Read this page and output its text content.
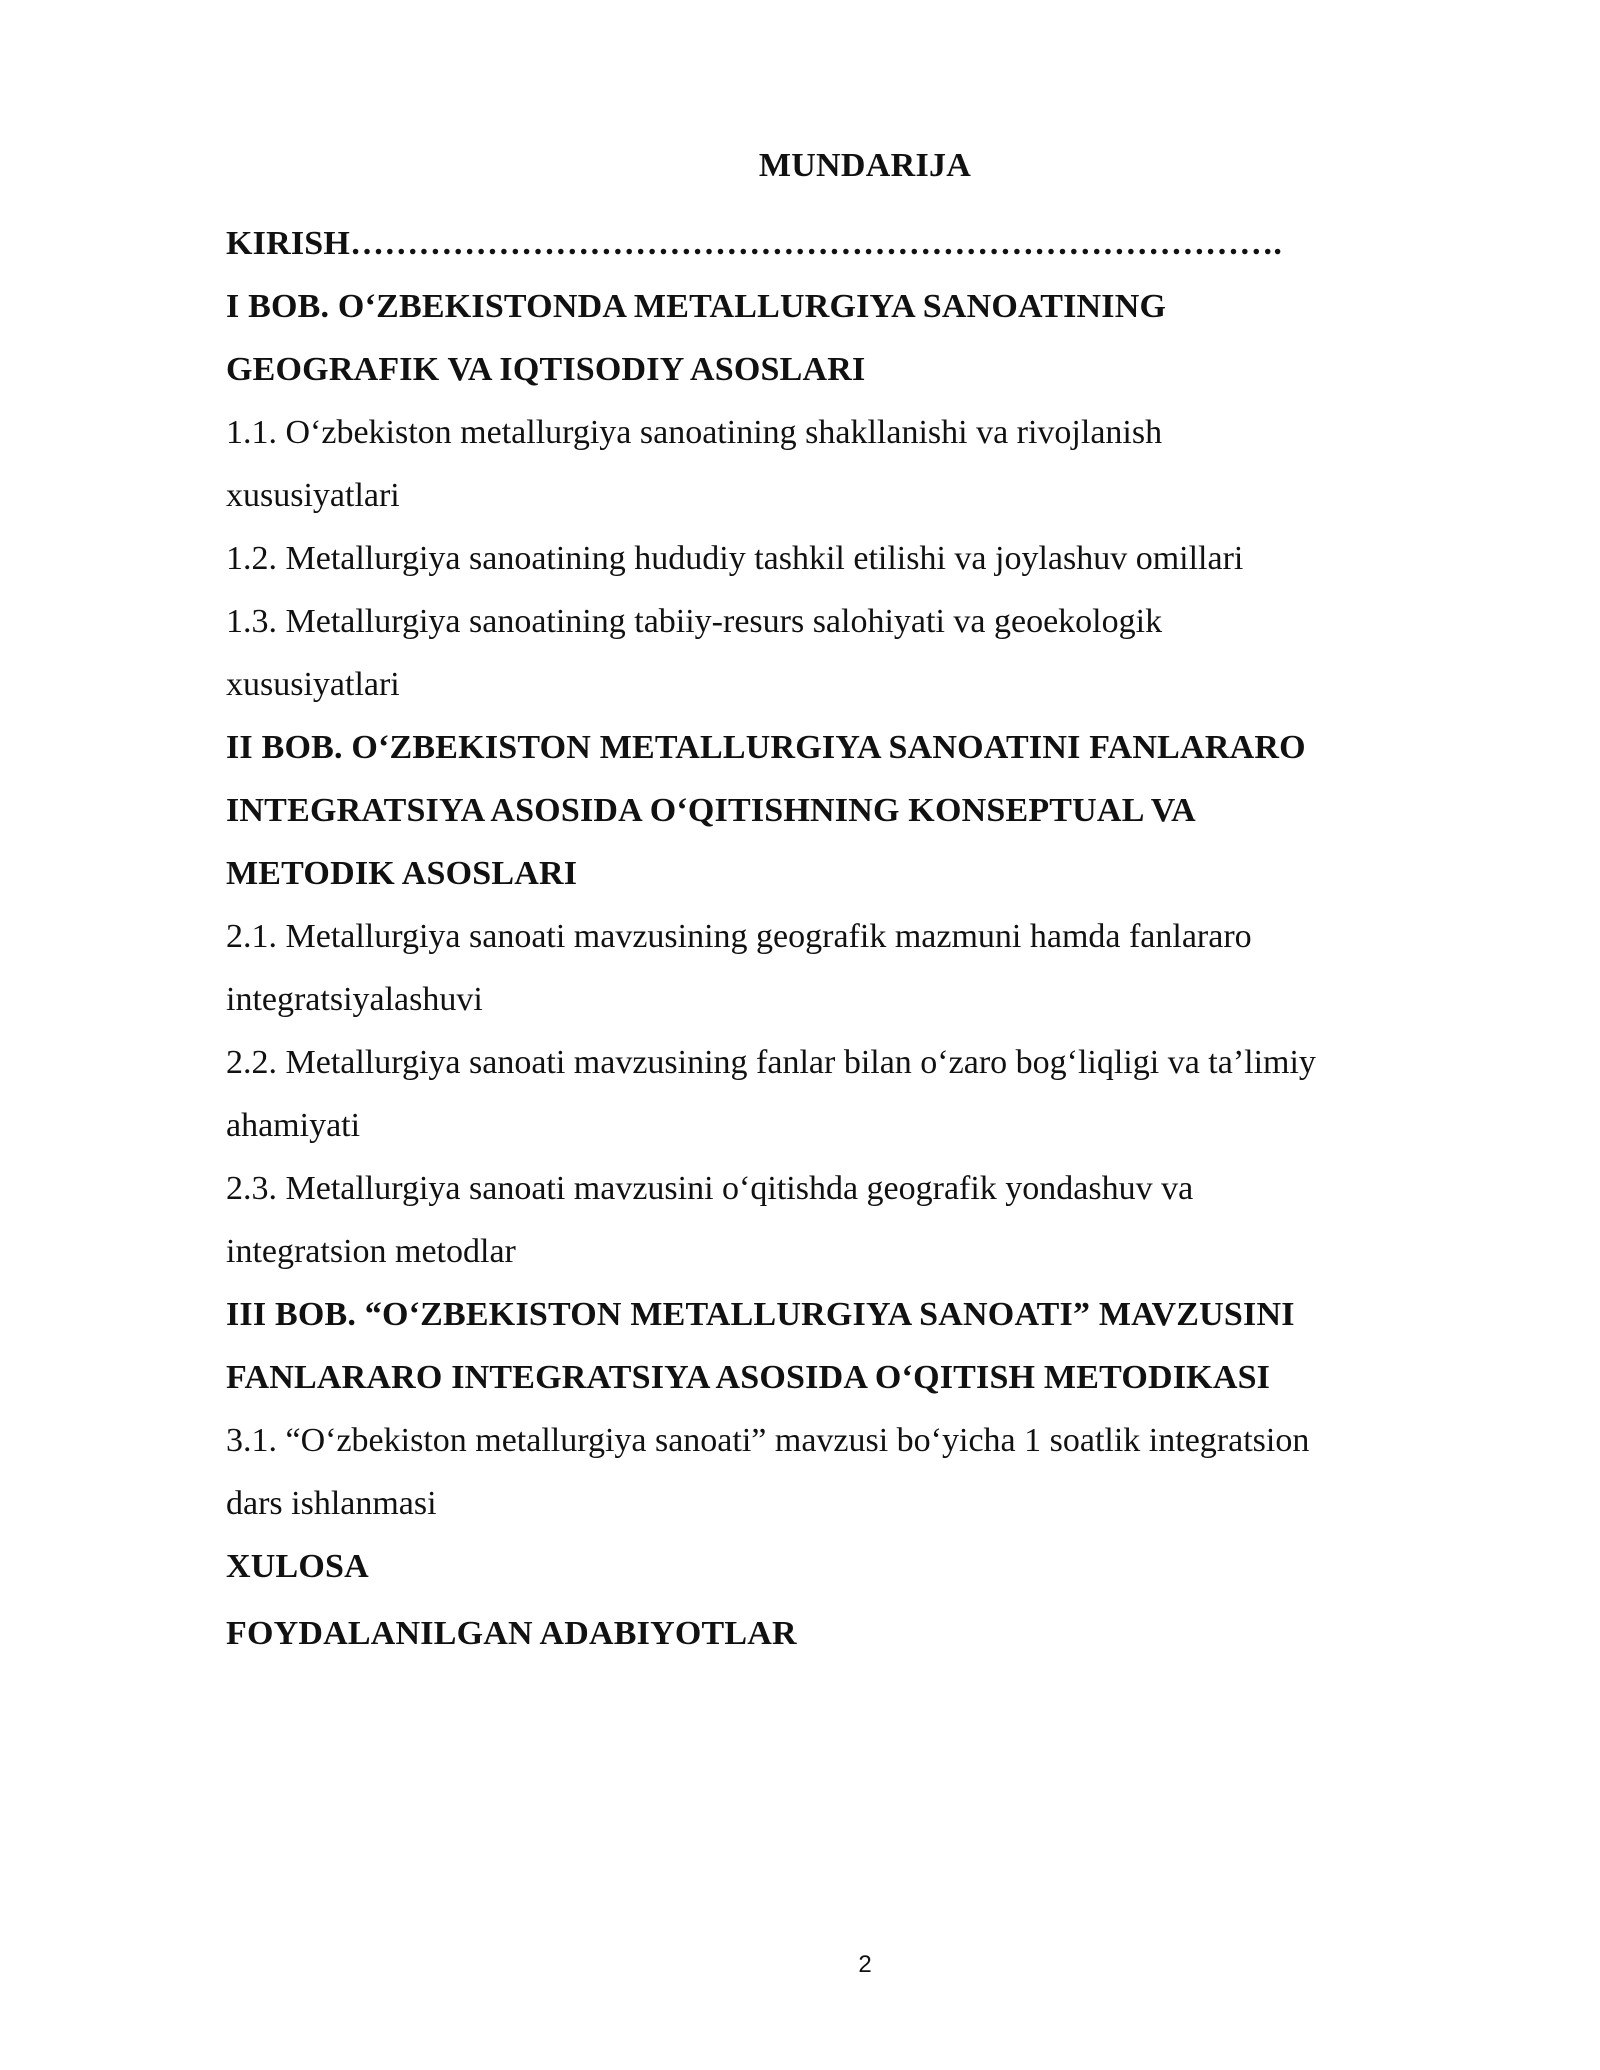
MUNDARIJA
KIRISH……………………………………………………………………….
I BOB. O‘ZBEKISTONDA METALLURGIYA SANOATINING
GEOGRAFIK VA IQTISODIY ASOSLARI
1.1. O‘zbekiston metallurgiya sanoatining shakllanishi va rivojlanish
xususiyatlari
1.2. Metallurgiya sanoatining hududiy tashkil etilishi va joylashuv omillari
1.3. Metallurgiya sanoatining tabiiy-resurs salohiyati va geoekologik
xususiyatlari
II BOB. O‘ZBEKISTON METALLURGIYA SANOATINI FANLARARO
INTEGRATSIYA ASOSIDA O‘QITISHNING KONSEPTUAL VA
METODIK ASOSLARI
2.1. Metallurgiya sanoati mavzusining geografik mazmuni hamda fanlararo
integratsiyalashuvi
2.2. Metallurgiya sanoati mavzusining fanlar bilan o‘zaro bog‘liqligi va ta’limiy
ahamiyati
2.3. Metallurgiya sanoati mavzusini o‘qitishda geografik yondashuv va
integratsion metodlar
III BOB. “O‘ZBEKISTON METALLURGIYA SANOATI” MAVZUSINI
FANLARARO INTEGRATSIYA ASOSIDA O‘QITISH METODIKASI
3.1. “O‘zbekiston metallurgiya sanoati” mavzusi bo‘yicha 1 soatlik integratsion
dars ishlanmasi
XULOSA
FOYDALANILGAN ADABIYOTLAR
2
